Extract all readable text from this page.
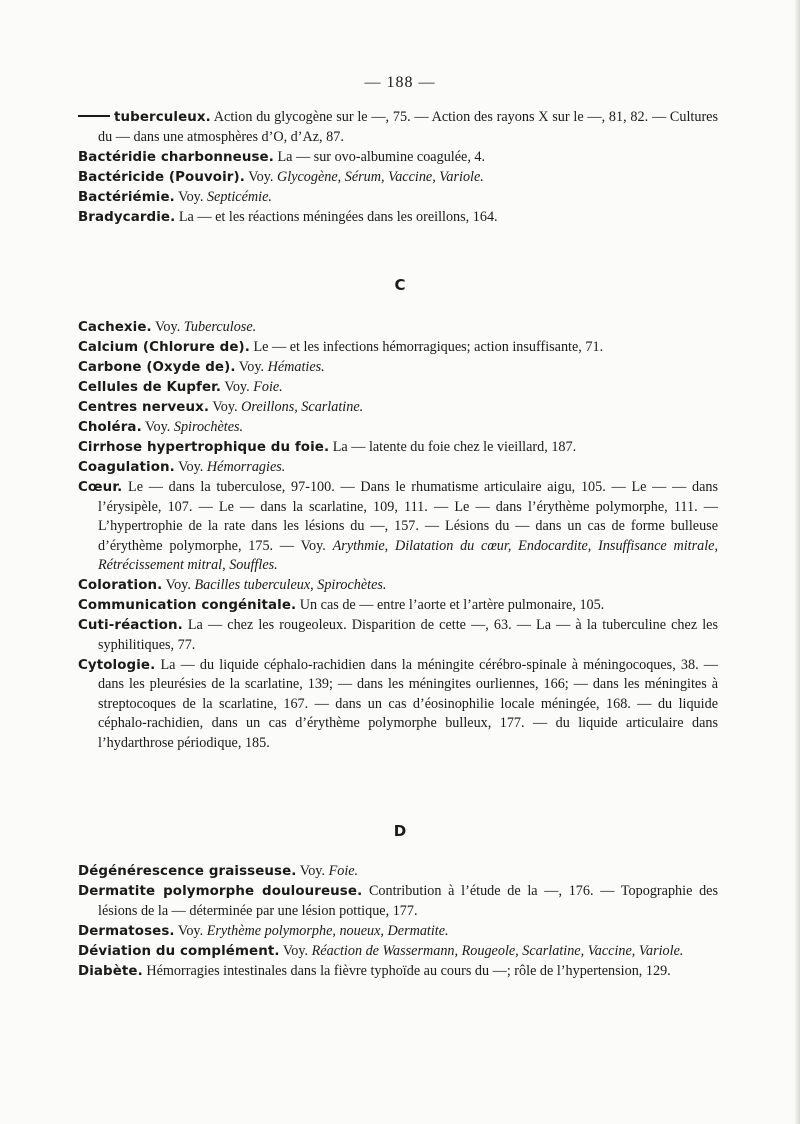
— 188 —

tuberculeux. Action du glycogène sur le —, 75. — Action des rayons X sur le —, 81, 82. — Cultures du — dans une atmosphères d’O, d’Az, 87.

Bactéridie charbonneuse. La — sur ovo-albumine coagulée, 4.

Bactéricide (Pouvoir). Voy. Glycogène, Sérum, Vaccine, Variole.

Bactériémie. Voy. Septicémie.

Bradycardie. La — et les réactions méningées dans les oreillons, 164.

C

Cachexie. Voy. Tuberculose.

Calcium (Chlorure de). Le — et les infections hémorragiques; action insuffisante, 71.

Carbone (Oxyde de). Voy. Hématies.

Cellules de Kupfer. Voy. Foie.

Centres nerveux. Voy. Oreillons, Scarlatine.

Choléra. Voy. Spirochètes.

Cirrhose hypertrophique du foie. La — latente du foie chez le vieillard, 187.

Coagulation. Voy. Hémorragies.

Cœur. Le — dans la tuberculose, 97-100. — Dans le rhumatisme articulaire aigu, 105. — Le — — dans l’érysipèle, 107. — Le — dans la scarlatine, 109, 111. — Le — dans l’érythème polymorphe, 111. — L’hypertrophie de la rate dans les lésions du —, 157. — Lésions du — dans un cas de forme bulleuse d’érythème polymorphe, 175. — Voy. Arythmie, Dilatation du cœur, Endocardite, Insuffisance mitrale, Rétrécissement mitral, Souffles.

Coloration. Voy. Bacilles tuberculeux, Spirochètes.

Communication congénitale. Un cas de — entre l’aorte et l’artère pulmonaire, 105.

Cuti-réaction. La — chez les rougeoleux. Disparition de cette —, 63. — La — à la tuberculine chez les syphilitiques, 77.

Cytologie. La — du liquide céphalo-rachidien dans la méningite cérébro-spinale à méningocoques, 38. — dans les pleurésies de la scarlatine, 139; — dans les méningites ourliennes, 166; — dans les méningites à streptocoques de la scarlatine, 167. — dans un cas d’éosinophilie locale méningée, 168. — du liquide céphalo-rachidien, dans un cas d’érythème polymorphe bulleux, 177. — du liquide articulaire dans l’hydarthrose périodique, 185.

D

Dégénérescence graisseuse. Voy. Foie.

Dermatite polymorphe douloureuse. Contribution à l’étude de la —, 176. — Topographie des lésions de la — déterminée par une lésion pottique, 177.

Dermatoses. Voy. Erythème polymorphe, noueux, Dermatite.

Déviation du complément. Voy. Réaction de Wassermann, Rougeole, Scarlatine, Vaccine, Variole.

Diabète. Hémorragies intestinales dans la fièvre typhoïde au cours du —; rôle de l’hypertension, 129.
